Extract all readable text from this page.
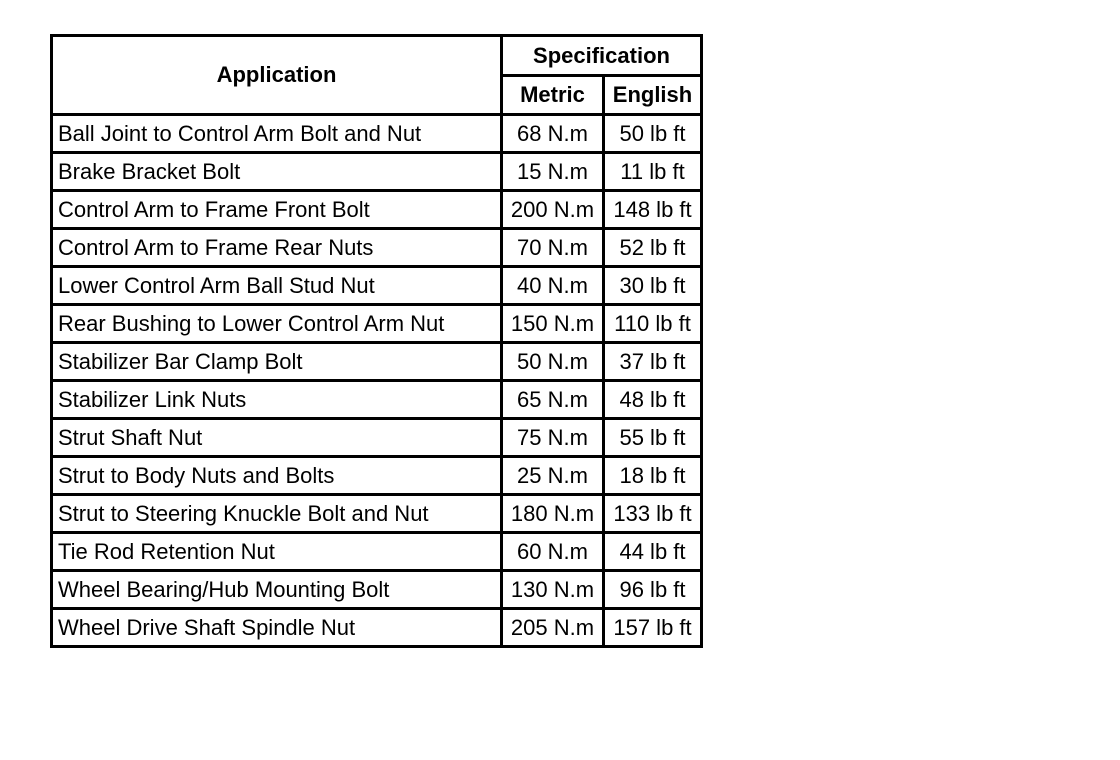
Application	Specification	
	Metric	English
Ball Joint to Control Arm Bolt and Nut	68 N.m	50 lb ft
Brake Bracket Bolt	15 N.m	11 lb ft
Control Arm to Frame Front Bolt	200 N.m	148 lb ft
Control Arm to Frame Rear Nuts	70 N.m	52 lb ft
Lower Control Arm Ball Stud Nut	40 N.m	30 lb ft
Rear Bushing to Lower Control Arm Nut	150 N.m	110 lb ft
Stabilizer Bar Clamp Bolt	50 N.m	37 lb ft
Stabilizer Link Nuts	65 N.m	48 lb ft
Strut Shaft Nut	75 N.m	55 lb ft
Strut to Body Nuts and Bolts	25 N.m	18 lb ft
Strut to Steering Knuckle Bolt and Nut	180 N.m	133 lb ft
Tie Rod Retention Nut	60 N.m	44 lb ft
Wheel Bearing/Hub Mounting Bolt	130 N.m	96 lb ft
Wheel Drive Shaft Spindle Nut	205 N.m	157 lb ft
